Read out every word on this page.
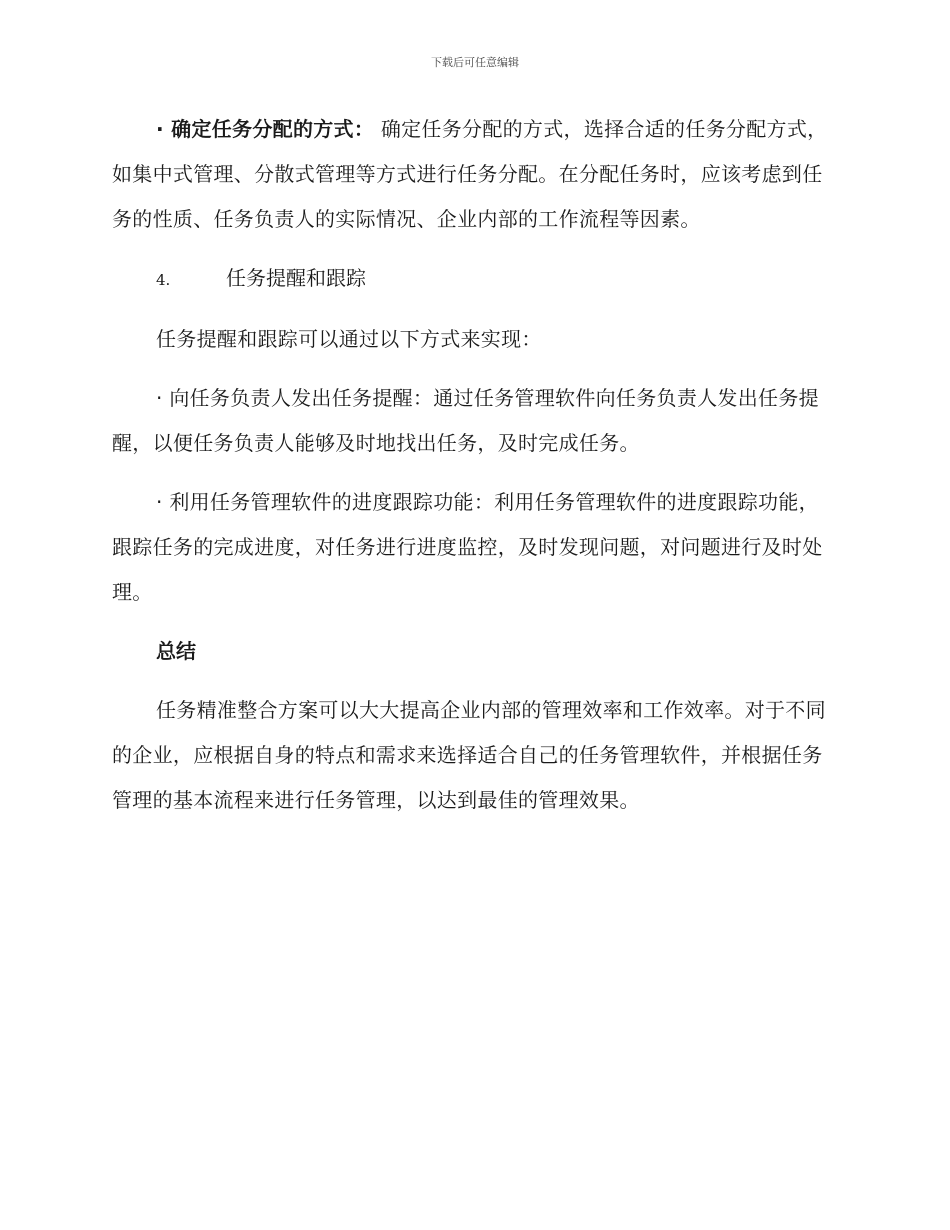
下载后可任意编辑

· 确定任务分配的方式： 确定任务分配的方式，选择合适的任务分配方式，如集中式管理、分散式管理等方式进行任务分配。在分配任务时，应该考虑到任务的性质、任务负责人的实际情况、企业内部的工作流程等因素。

4.	任务提醒和跟踪

任务提醒和跟踪可以通过以下方式来实现：

· 向任务负责人发出任务提醒：通过任务管理软件向任务负责人发出任务提醒，以便任务负责人能够及时地找出任务，及时完成任务。

· 利用任务管理软件的进度跟踪功能：利用任务管理软件的进度跟踪功能，跟踪任务的完成进度，对任务进行进度监控，及时发现问题，对问题进行及时处理。

总结

任务精准整合方案可以大大提高企业内部的管理效率和工作效率。对于不同的企业，应根据自身的特点和需求来选择适合自己的任务管理软件，并根据任务管理的基本流程来进行任务管理，以达到最佳的管理效果。
